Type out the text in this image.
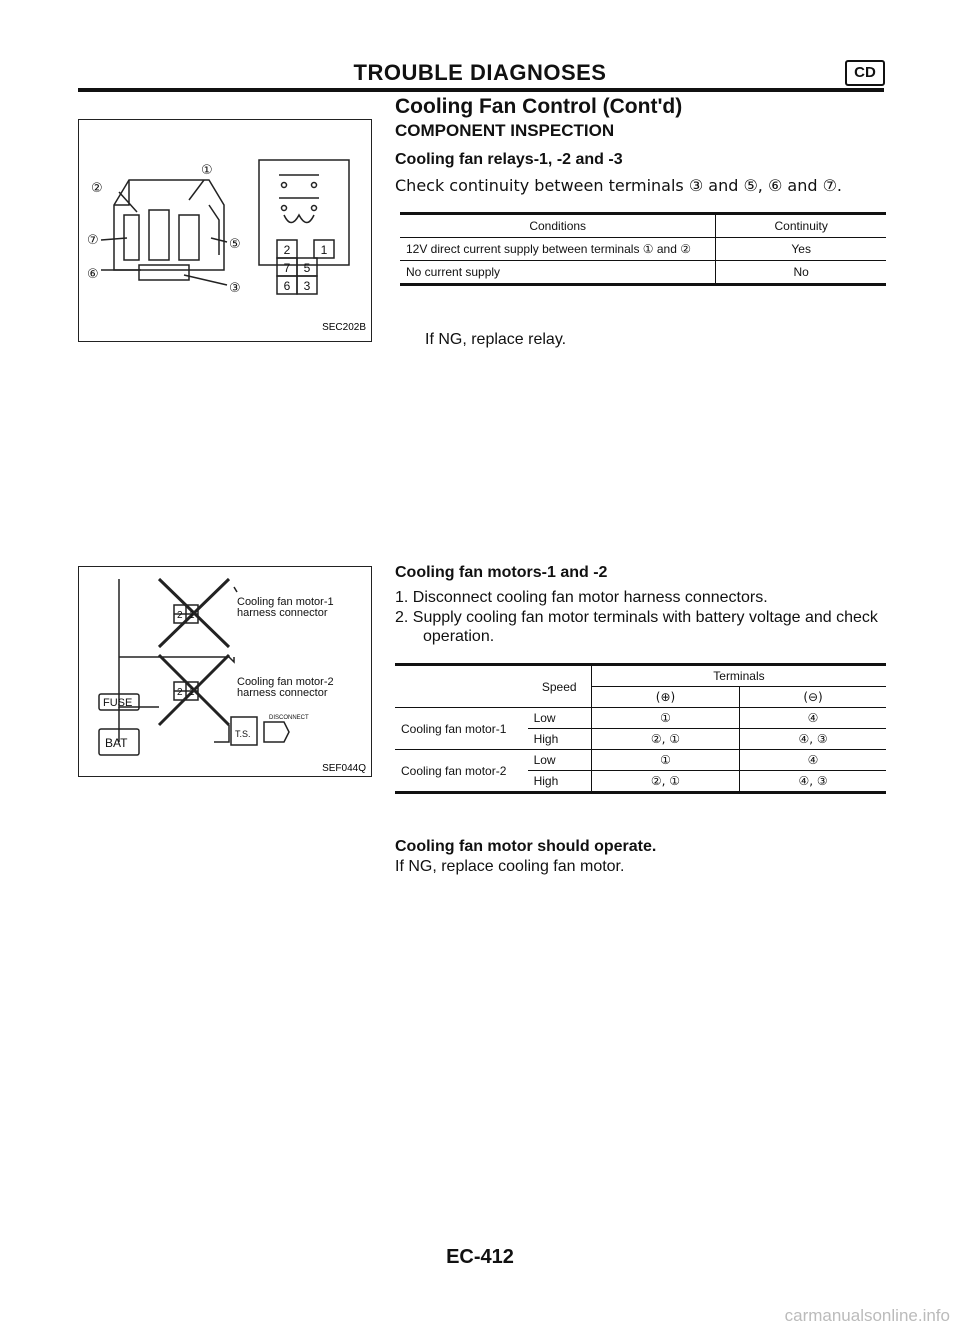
TROUBLE DIAGNOSES	CD
Cooling Fan Control (Cont'd)
COMPONENT INSPECTION
①
②
⑦	⑤
⑥
③
2	1
7 5
6 3
SEC202B
Cooling fan relays-1, -2 and -3
Check continuity between terminals ③ and ⑤, ⑥ and ⑦.
Conditions	Continuity
12V direct current supply between terminals ① and ②	Yes
No current supply	No
If NG, replace relay.
2 1
2 1
FUSE
BAT
DISCONNECT
T.S.
SEF044Q
Cooling fan motor-1 harness connector
Cooling fan motor-2 harness connector
Cooling fan motors-1 and -2
1. Disconnect cooling fan motor harness connectors.
2. Supply cooling fan motor terminals with battery voltage and check operation.
	Speed	Terminals	
		(⊕)	(⊖)
Cooling fan motor-1	Low	①	④
	High	②, ①	④, ③
Cooling fan motor-2	Low	①	④
	High	②, ①	④, ③
Cooling fan motor should operate.
If NG, replace cooling fan motor.
EC-412
carmanualsonline.info
